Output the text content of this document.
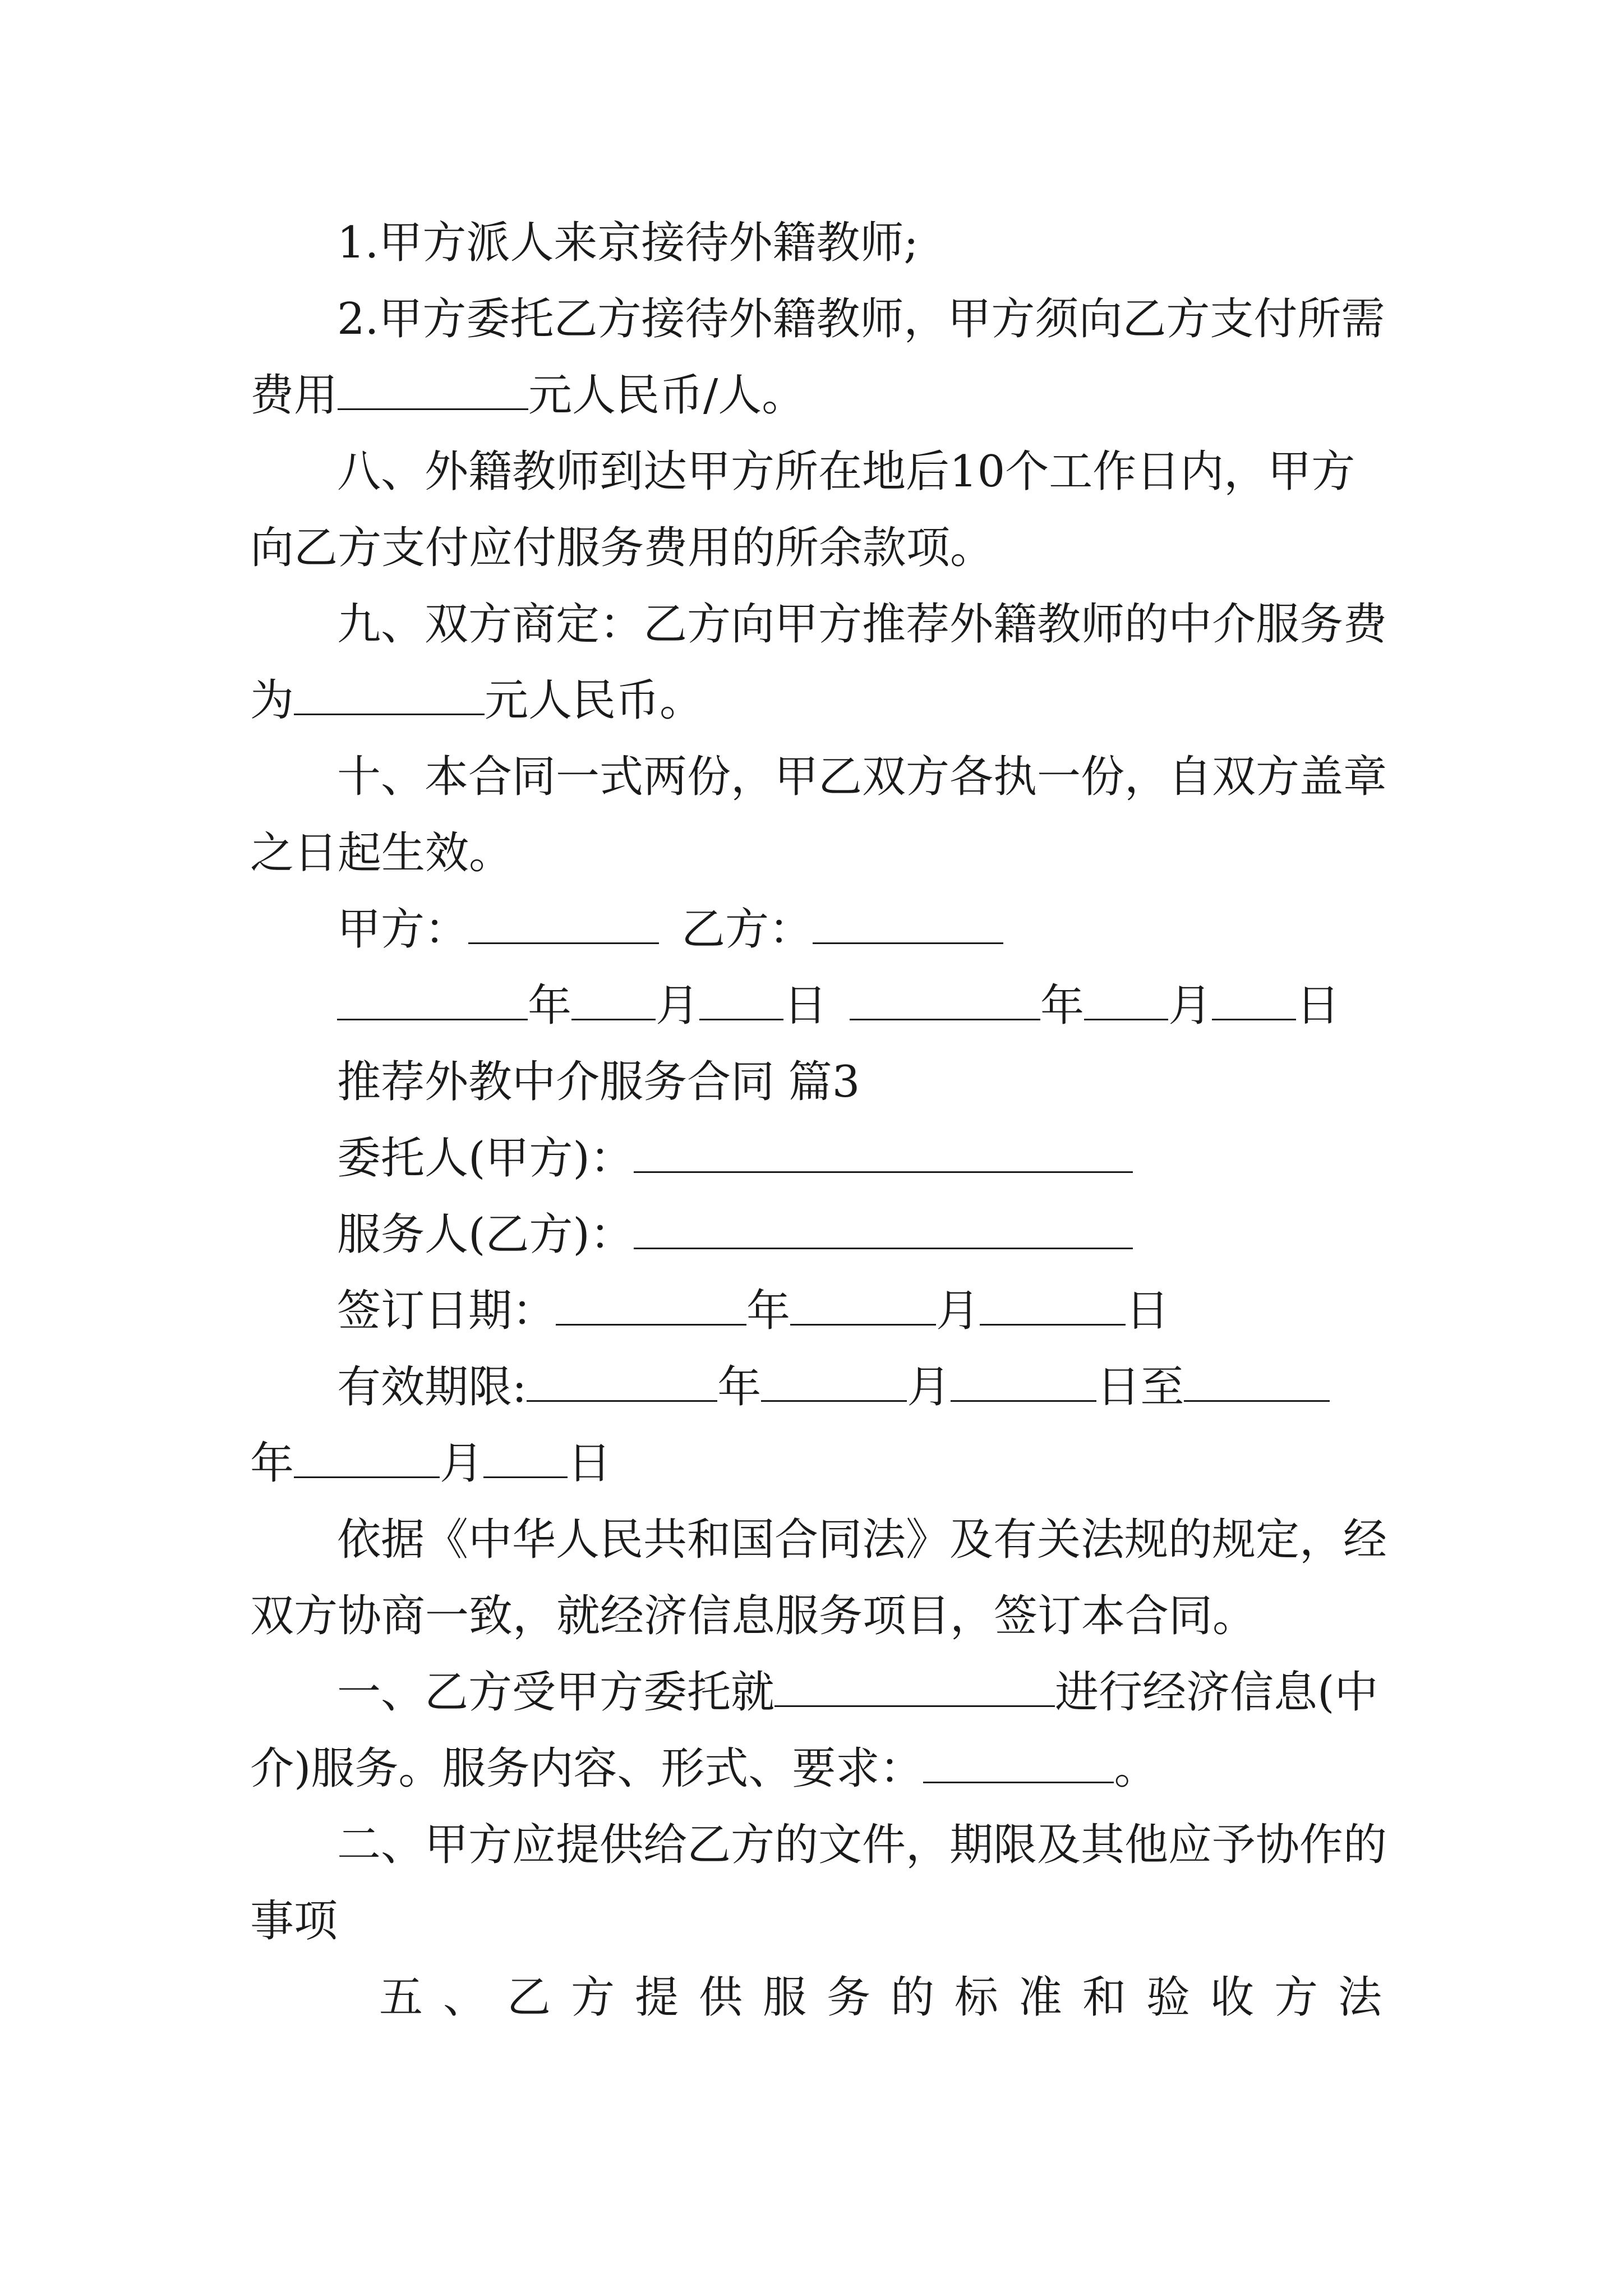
1.甲方派人来京接待外籍教师;
2.甲方委托乙方接待外籍教师，甲方须向乙方支付所需
费用	元人民币/人。
八、外籍教师到达甲方所在地后10个工作日内，甲方
向乙方支付应付服务费用的所余款项。
九、双方商定：乙方向甲方推荐外籍教师的中介服务费
为	元人民币。
十、本合同一式两份，甲乙双方各执一份，自双方盖章
之日起生效。
甲方：	乙方：
年 月 日	年 月 日
推荐外教中介服务合同 篇3
委托人(甲方)：
服务人(乙方)：
签订日期：	年	月	日
有效期限:	年	月	日至
年	月 日
依据《中华人民共和国合同法》及有关法规的规定，经
双方协商一致，就经济信息服务项目，签订本合同。
一、乙方受甲方委托就	进行经济信息(中
介)服务。服务内容、形式、要求：	。
二、甲方应提供给乙方的文件，期限及其他应予协作的
事项
五、乙方提供服务的标准和验收方法
